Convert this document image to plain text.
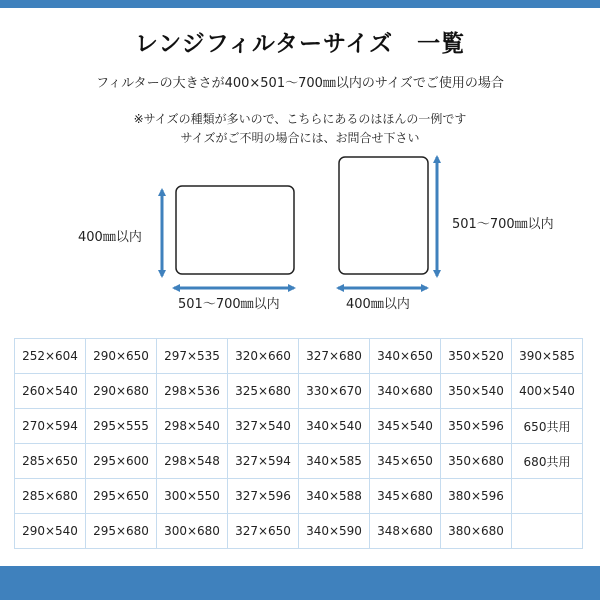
レンジフィルターサイズ　一覧
フィルターの大きさが400×501～700㎜以内のサイズでご使用の場合
※サイズの種類が多いので、こちらにあるのはほんの一例です
サイズがご不明の場合には、お問合せ下さい
400㎜以内
501～700㎜以内
501～700㎜以内
400㎜以内
252×604	290×650	297×535	320×660	327×680	340×650	350×520	390×585
260×540	290×680	298×536	325×680	330×670	340×680	350×540	400×540
270×594	295×555	298×540	327×540	340×540	345×540	350×596	650共用
285×650	295×600	298×548	327×594	340×585	345×650	350×680	680共用
285×680	295×650	300×550	327×596	340×588	345×680	380×596	
290×540	295×680	300×680	327×650	340×590	348×680	380×680	
